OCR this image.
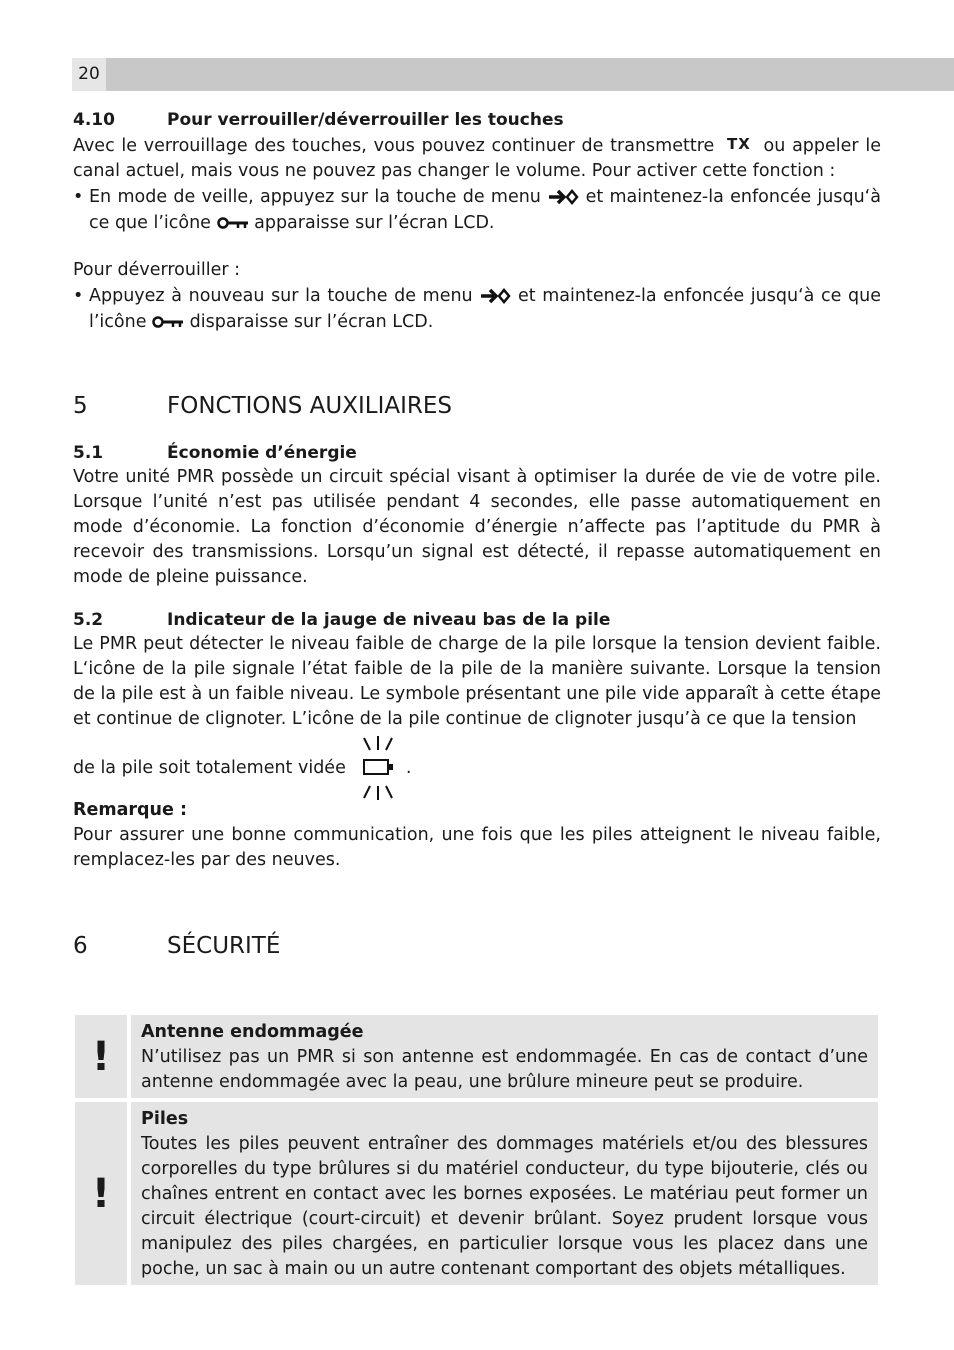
20
4.10	Pour verrouiller/déverrouiller les touches

Avec le verrouillage des touches, vous pouvez continuer de transmettre TX ou appeler le canal actuel, mais vous ne pouvez pas changer le volume. Pour activer cette fonction :

• En mode de veille, appuyez sur la touche de menu	et maintenez-la enfoncée jusqu‘à ce que l’icône apparaisse sur l’écran LCD.

Pour déverrouiller :

• Appuyez à nouveau sur la touche de menu	et maintenez-la enfoncée jusqu‘à ce que l’icône disparaisse sur l’écran LCD.
5	FONCTIONS AUXILIAIRES
5.1	Économie d’énergie

Votre unité PMR possède un circuit spécial visant à optimiser la durée de vie de votre pile. Lorsque l’unité n’est pas utilisée pendant 4 secondes, elle passe automatiquement en mode d’économie. La fonction d’économie d’énergie n’affecte pas l’aptitude du PMR à recevoir des transmissions. Lorsqu’un signal est détecté, il repasse automatiquement en mode de pleine puissance.

5.2	Indicateur de la jauge de niveau bas de la pile

Le PMR peut détecter le niveau faible de charge de la pile lorsque la tension devient faible. L‘icône de la pile signale l’état faible de la pile de la manière suivante. Lorsque la tension de la pile est à un faible niveau. Le symbole présentant une pile vide apparaît à cette étape et continue de clignoter. L’icône de la pile continue de clignoter jusqu’à ce que la tension

de la pile soit totalement vidée	.

Remarque :

Pour assurer une bonne communication, une fois que les piles atteignent le niveau faible, remplacez-les par des neuves.

6	SÉCURITÉ
!
Antenne endommagée
N’utilisez pas un PMR si son antenne est endommagée. En cas de contact d’une antenne endommagée avec la peau, une brûlure mineure peut se produire.
!
Piles
Toutes les piles peuvent entraîner des dommages matériels et/ou des blessures corporelles du type brûlures si du matériel conducteur, du type bijouterie, clés ou chaînes entrent en contact avec les bornes exposées. Le matériau peut former un circuit électrique (court-circuit) et devenir brûlant. Soyez prudent lorsque vous manipulez des piles chargées, en particulier lorsque vous les placez dans une poche, un sac à main ou un autre contenant comportant des objets métalliques.
